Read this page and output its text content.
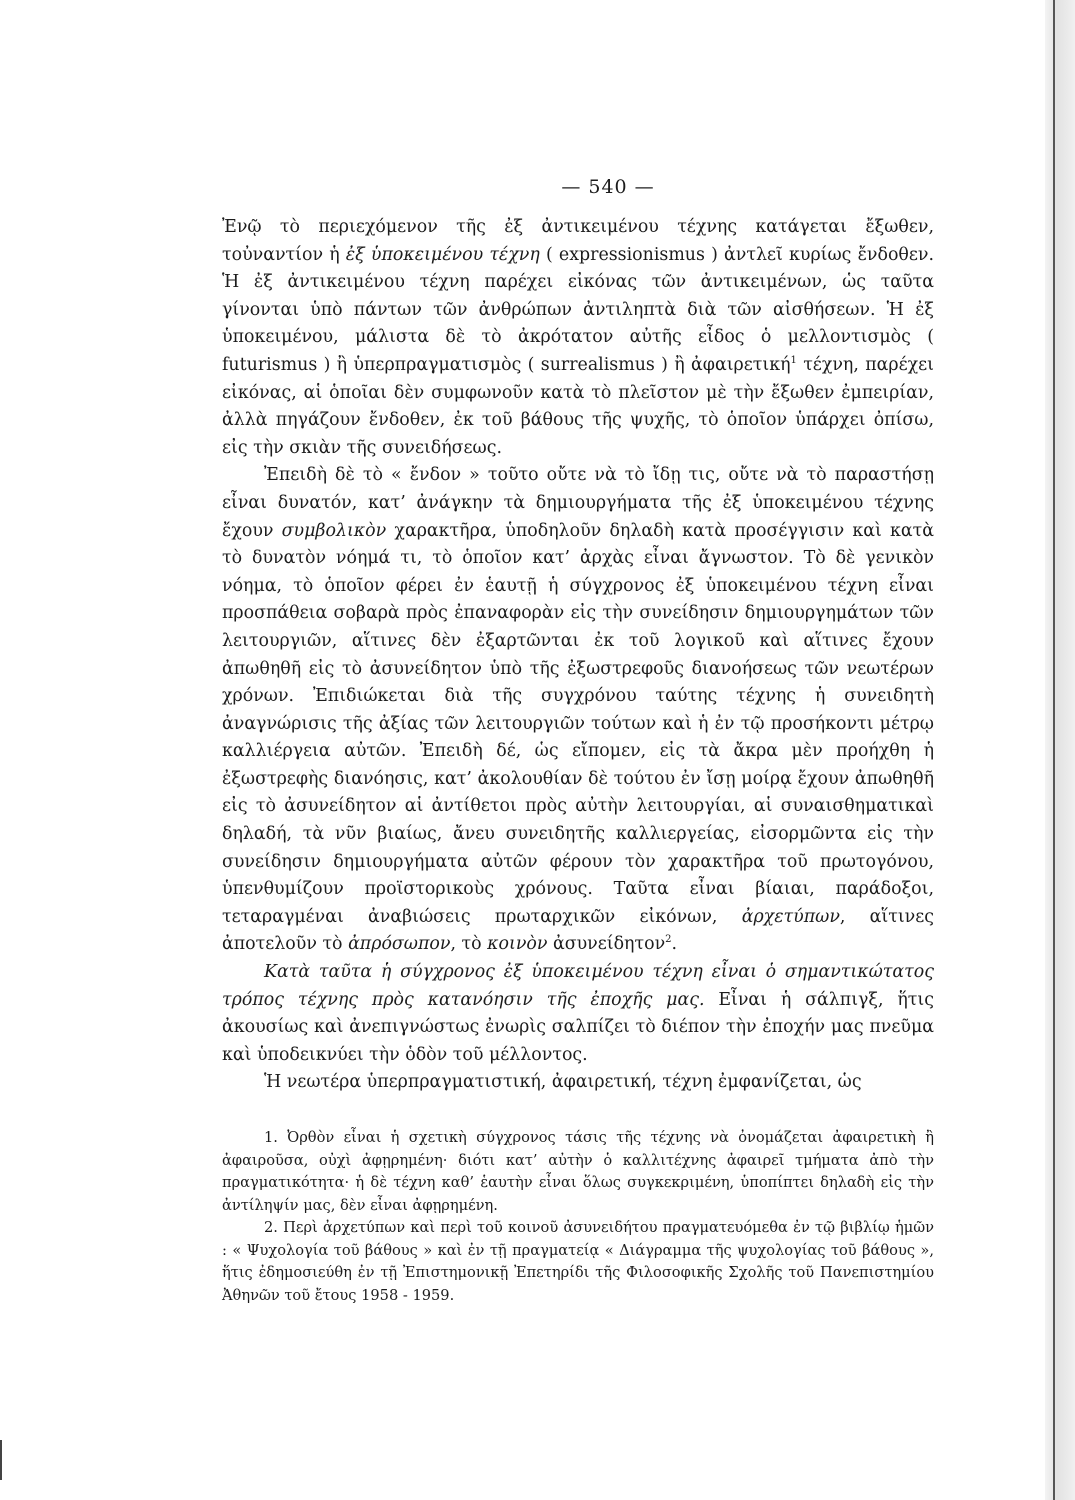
— 540 —

Ἐνῷ τὸ περιεχόμενον τῆς ἐξ ἀντικειμένου τέχνης κατάγεται ἔξωθεν, τοὐναντίον ἡ ἐξ ὑποκειμένου τέχνη ( expressionismus ) ἀντλεῖ κυρίως ἔνδοθεν. Ἡ ἐξ ἀντικειμένου τέχνη παρέχει εἰκόνας τῶν ἀντικειμένων, ὡς ταῦτα γίνονται ὑπὸ πάντων τῶν ἀνθρώπων ἀντιληπτὰ διὰ τῶν αἰσθήσεων. Ἡ ἐξ ὑποκειμένου, μάλιστα δὲ τὸ ἀκρότατον αὐτῆς εἶδος ὁ μελλοντισμὸς ( futurismus ) ἢ ὑπερπραγματισμὸς ( surrealismus ) ἢ ἀφαιρετική$^1$ τέχνη, παρέχει εἰκόνας, αἱ ὁποῖαι δὲν συμφωνοῦν κατὰ τὸ πλεῖστον μὲ τὴν ἔξωθεν ἐμπειρίαν, ἀλλὰ πηγάζουν ἔνδοθεν, ἐκ τοῦ βάθους τῆς ψυχῆς, τὸ ὁποῖον ὑπάρχει ὀπίσω, εἰς τὴν σκιὰν τῆς συνειδήσεως.

Ἐπειδὴ δὲ τὸ « ἔνδον » τοῦτο οὔτε νὰ τὸ ἴδῃ τις, οὔτε νὰ τὸ παραστήσῃ εἶναι δυνατόν, κατ’ ἀνάγκην τὰ δημιουργήματα τῆς ἐξ ὑποκειμένου τέχνης ἔχουν συμβολικὸν χαρακτῆρα, ὑποδηλοῦν δηλαδὴ κατὰ προσέγγισιν καὶ κατὰ τὸ δυνατὸν νόημά τι, τὸ ὁποῖον κατ’ ἀρχὰς εἶναι ἄγνωστον. Τὸ δὲ γενικὸν νόημα, τὸ ὁποῖον φέρει ἐν ἑαυτῇ ἡ σύγχρονος ἐξ ὑποκειμένου τέχνη εἶναι προσπάθεια σοβαρὰ πρὸς ἐπαναφορὰν εἰς τὴν συνείδησιν δημιουργημάτων τῶν λειτουργιῶν, αἵτινες δὲν ἐξαρτῶνται ἐκ τοῦ λογικοῦ καὶ αἵτινες ἔχουν ἀπωθηθῆ εἰς τὸ ἀσυνείδητον ὑπὸ τῆς ἐξωστρεφοῦς διανοήσεως τῶν νεωτέρων χρόνων. Ἐπιδιώκεται διὰ τῆς συγχρόνου ταύτης τέχνης ἡ συνειδητὴ ἀναγνώρισις τῆς ἀξίας τῶν λειτουργιῶν τούτων καὶ ἡ ἐν τῷ προσήκοντι μέτρῳ καλλιέργεια αὐτῶν. Ἐπειδὴ δέ, ὡς εἴπομεν, εἰς τὰ ἄκρα μὲν προήχθη ἡ ἐξωστρεφὴς διανόησις, κατ’ ἀκολουθίαν δὲ τούτου ἐν ἴσῃ μοίρᾳ ἔχουν ἀπωθηθῆ εἰς τὸ ἀσυνείδητον αἱ ἀντίθετοι πρὸς αὐτὴν λειτουργίαι, αἱ συναισθηματικαὶ δηλαδή, τὰ νῦν βιαίως, ἄνευ συνειδητῆς καλλιεργείας, εἰσορμῶντα εἰς τὴν συνείδησιν δημιουργήματα αὐτῶν φέρουν τὸν χαρακτῆρα τοῦ πρωτογόνου, ὑπενθυμίζουν προϊστορικοὺς χρόνους. Ταῦτα εἶναι βίαιαι, παράδοξοι, τεταραγμέναι ἀναβιώσεις πρωταρχικῶν εἰκόνων, ἀρχετύπων, αἵτινες ἀποτελοῦν τὸ ἀπρόσωπον, τὸ κοινὸν ἀσυνείδητον$^2$.

Κατὰ ταῦτα ἡ σύγχρονος ἐξ ὑποκειμένου τέχνη εἶναι ὁ σημαντικώτατος τρόπος τέχνης πρὸς κατανόησιν τῆς ἐποχῆς μας. Εἶναι ἡ σάλπιγξ, ἥτις ἀκουσίως καὶ ἀνεπιγνώστως ἐνωρὶς σαλπίζει τὸ διέπον τὴν ἐποχήν μας πνεῦμα καὶ ὑποδεικνύει τὴν ὁδὸν τοῦ μέλλοντος.

Ἡ νεωτέρα ὑπερπραγματιστική, ἀφαιρετική, τέχνη ἐμφανίζεται, ὡς

1. Ὀρθὸν εἶναι ἡ σχετικὴ σύγχρονος τάσις τῆς τέχνης νὰ ὀνομάζεται ἀφαιρετικὴ ἢ ἀφαιροῦσα, οὐχὶ ἀφῃρημένη· διότι κατ’ αὐτὴν ὁ καλλιτέχνης ἀφαιρεῖ τμήματα ἀπὸ τὴν πραγματικότητα· ἡ δὲ τέχνη καθ’ ἑαυτὴν εἶναι ὅλως συγκεκριμένη, ὑποπίπτει δηλαδὴ εἰς τὴν ἀντίληψίν μας, δὲν εἶναι ἀφῃρημένη.

2. Περὶ ἀρχετύπων καὶ περὶ τοῦ κοινοῦ ἀσυνειδήτου πραγματευόμεθα ἐν τῷ βιβλίῳ ἡμῶν : « Ψυχολογία τοῦ βάθους » καὶ ἐν τῇ πραγματείᾳ « Διάγραμμα τῆς ψυχολογίας τοῦ βάθους », ἥτις ἐδημοσιεύθη ἐν τῇ Ἐπιστημονικῇ Ἐπετηρίδι τῆς Φιλοσοφικῆς Σχολῆς τοῦ Πανεπιστημίου Ἀθηνῶν τοῦ ἔτους 1958 - 1959.
